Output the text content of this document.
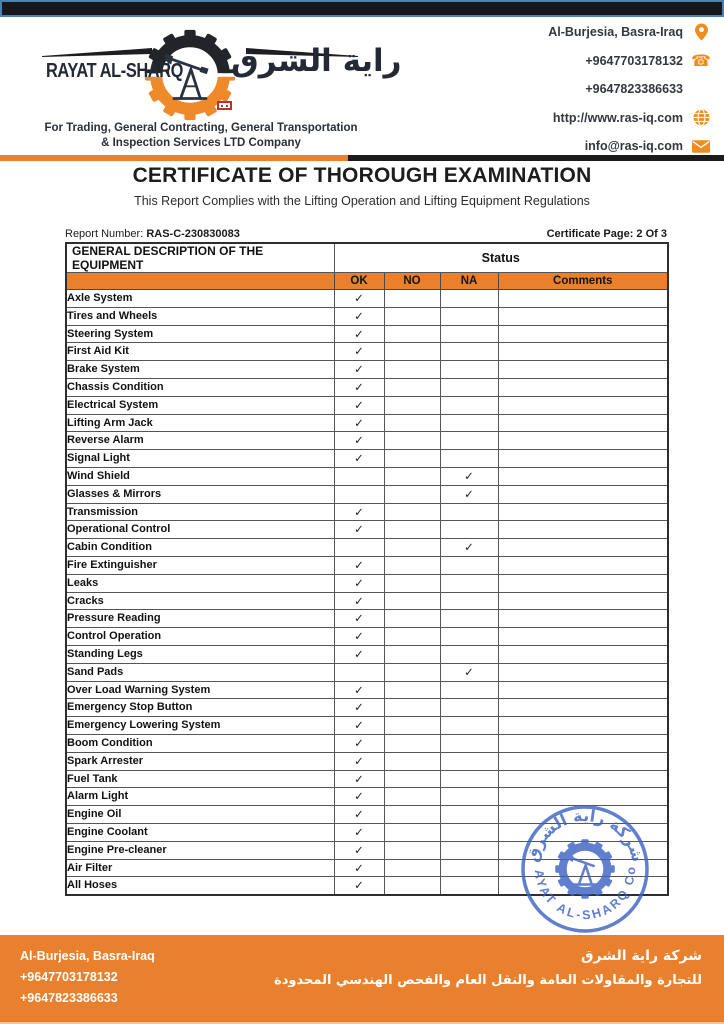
RAYAT AL-SHARQ راية الشرق
For Trading, General Contracting, General Transportation
& Inspection Services LTD Company
Al-Burjesia, Basra-Iraq
+9647703178132 ☎
+9647823386633
http://www.ras-iq.com
info@ras-iq.com
CERTIFICATE OF THOROUGH EXAMINATION
This Report Complies with the Lifting Operation and Lifting Equipment Regulations
Report Number: RAS-C-230830083	Certificate Page: 2 Of 3
GENERAL DESCRIPTION OF THE EQUIPMENT	Status			
	OK	NO	NA	Comments
Axle System	✓			
Tires and Wheels	✓			
Steering System	✓			
First Aid Kit	✓			
Brake System	✓			
Chassis Condition	✓			
Electrical System	✓			
Lifting Arm Jack	✓			
Reverse Alarm	✓			
Signal Light	✓			
Wind Shield			✓	
Glasses & Mirrors			✓	
Transmission	✓			
Operational Control	✓			
Cabin Condition			✓	
Fire Extinguisher	✓			
Leaks	✓			
Cracks	✓			
Pressure Reading	✓			
Control Operation	✓			
Standing Legs	✓			
Sand Pads			✓	
Over Load Warning System	✓			
Emergency Stop Button	✓			
Emergency Lowering System	✓			
Boom Condition	✓			
Spark Arrester	✓			
Fuel Tank	✓			
Alarm Light	✓			
Engine Oil	✓			
Engine Coolant	✓			
Engine Pre-cleaner	✓			
Air Filter	✓			
All Hoses	✓			
شركة راية الشرق
RAYAT AL-SHARQ Co.
Al-Burjesia, Basra-Iraq
+9647703178132
+9647823386633
شركة راية الشرق
للتجارة والمقاولات العامة والنقل العام والفحص الهندسي المحدودة
